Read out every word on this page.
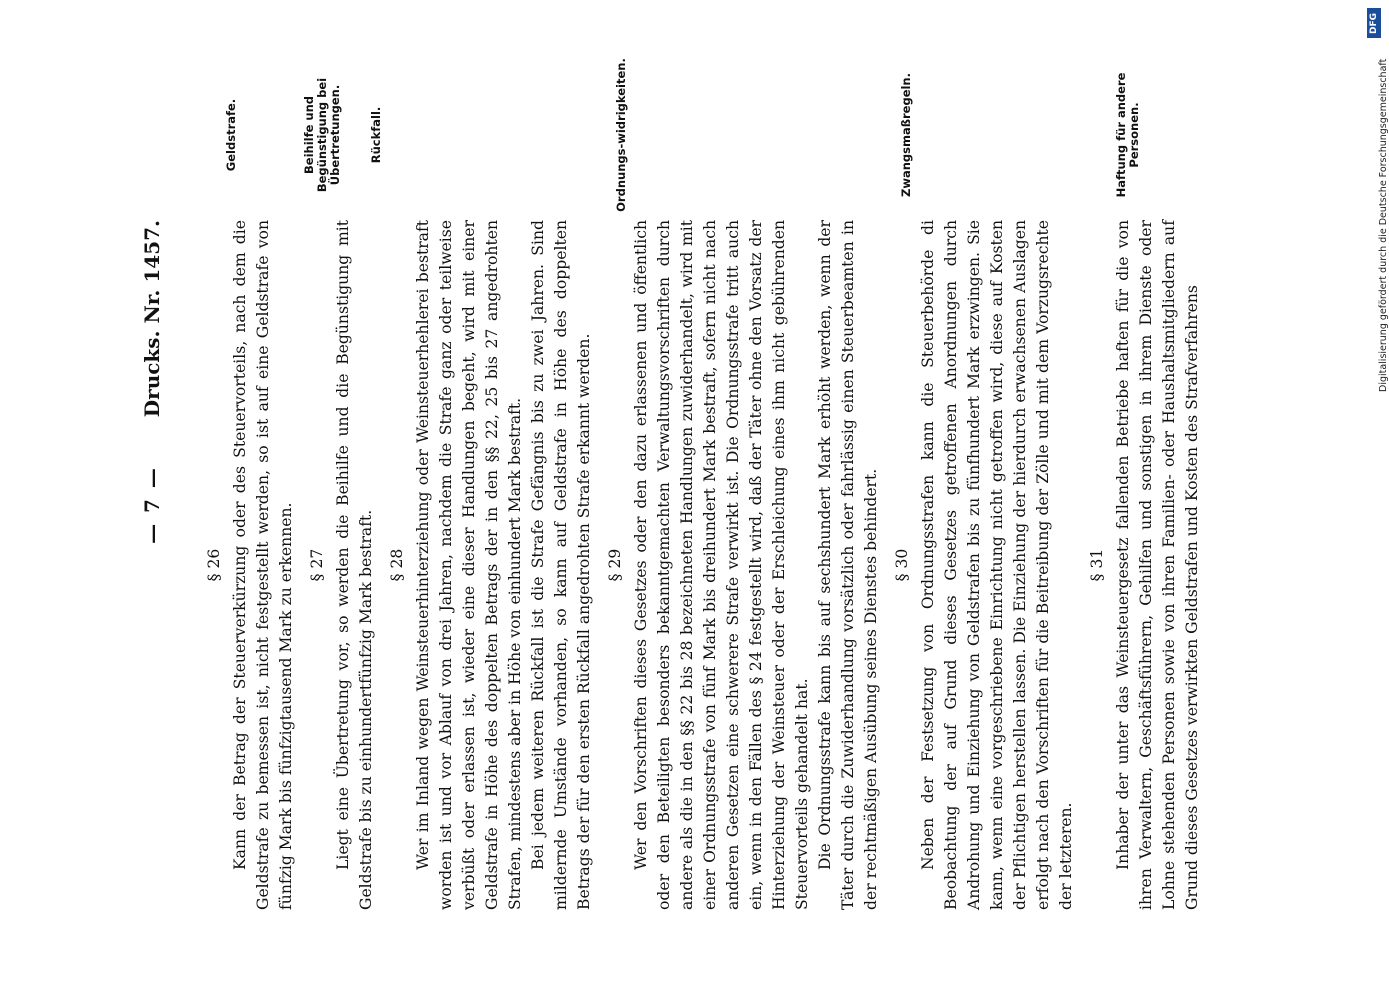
— 7 —
Drucks. Nr. 1457.
§ 26 Kann der Betrag der Steuerverkürzung oder des Steuervorteils, nach dem die Geldstrafe zu bemessen ist, nicht festgestellt werden, so ist auf eine Geldstrafe von fünfzig Mark bis fünfzigtausend Mark zu erkennen. § 27 Liegt eine Übertretung vor, so werden die Beihilfe und die Begünstigung mit Geldstrafe bis zu einhundertfünfzig Mark bestraft. § 28 Wer im Inland wegen Weinsteuerhinterziehung oder Weinsteuerhehlerei bestraft worden ist und vor Ablauf von drei Jahren, nachdem die Strafe ganz oder teilweise verbüßt oder erlassen ist, wieder eine dieser Handlungen begeht, wird mit einer Geldstrafe in Höhe des doppelten Betrags der in den §§ 22, 25 bis 27 angedrohten Strafen, mindestens aber in Höhe von einhundert Mark bestraft. Bei jedem weiteren Rückfall ist die Strafe Gefängnis bis zu zwei Jahren. Sind mildernde Umstände vorhanden, so kann auf Geldstrafe in Höhe des doppelten Betrags der für den ersten Rückfall angedrohten Strafe erkannt werden. § 29 Wer den Vorschriften dieses Gesetzes oder den dazu erlassenen und öffentlich oder den Beteiligten besonders bekanntgemachten Verwaltungsvorschriften durch andere als die in den §§ 22 bis 28 bezeichneten Handlungen zuwiderhandelt, wird mit einer Ordnungsstrafe von fünf Mark bis dreihundert Mark bestraft, sofern nicht nach anderen Gesetzen eine schwerere Strafe verwirkt ist. Die Ordnungsstrafe tritt auch ein, wenn in den Fällen des § 24 festgestellt wird, daß der Täter ohne den Vorsatz der Hinterziehung der Weinsteuer oder der Erschleichung eines ihm nicht gebührenden Steuervorteils gehandelt hat. Die Ordnungsstrafe kann bis auf sechshundert Mark erhöht werden, wenn der Täter durch die Zuwiderhandlung vorsätzlich oder fahrlässig einen Steuerbeamten in der rechtmäßigen Ausübung seines Dienstes behindert. § 30 Neben der Festsetzung von Ordnungsstrafen kann die Steuerbehörde di Beobachtung der auf Grund dieses Gesetzes getroffenen Anordnungen durch Androhung und Einziehung von Geldstrafen bis zu fünfhundert Mark erzwingen. Sie kann, wenn eine vorgeschriebene Einrichtung nicht getroffen wird, diese auf Kosten der Pflichtigen herstellen lassen. Die Einziehung der hierdurch erwachsenen Auslagen erfolgt nach den Vorschriften für die Beitreibung der Zölle und mit dem Vorzugsrechte der letzteren.

§ 31 Inhaber der unter das Weinsteuergesetz fallenden Betriebe haften für die von ihren Verwaltern, Geschäftsführern, Gehilfen und sonstigen in ihrem Dienste oder Lohne stehenden Personen sowie von ihren Familien- oder Haushaltsmitgliedern auf Grund dieses Gesetzes verwirkten Geldstrafen und Kosten des Strafverfahrens

Geldstrafe.	Beihilfe und Begünstigung bei Übertretungen. Rückfall.	Ordnungs-widrigkeiten.	Zwangsmaßregeln.	Haftung für andere Personen.	Digitalisierung gefördert durch die Deutsche Forschungsgemeinschaft
DFG
